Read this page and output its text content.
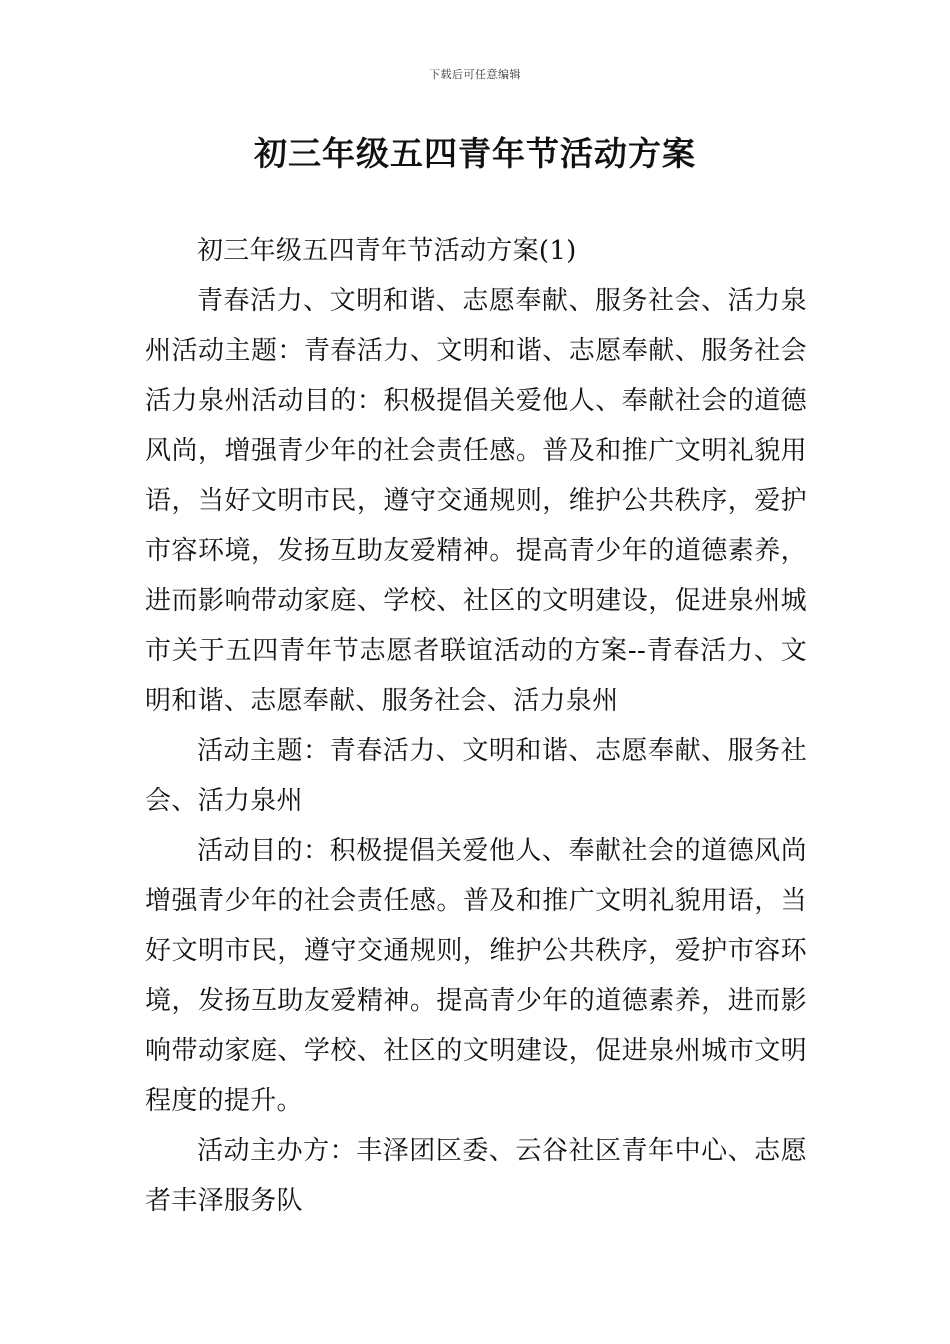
下载后可任意编辑
初三年级五四青年节活动方案

初三年级五四青年节活动方案(1)

青春活力、文明和谐、志愿奉献、服务社会、活力泉州活动主题：青春活力、文明和谐、志愿奉献、服务社会活力泉州活动目的：积极提倡关爱他人、奉献社会的道德风尚，增强青少年的社会责任感。普及和推广文明礼貌用语，当好文明市民，遵守交通规则，维护公共秩序，爱护市容环境，发扬互助友爱精神。提高青少年的道德素养，进而影响带动家庭、学校、社区的文明建设，促进泉州城市关于五四青年节志愿者联谊活动的方案--青春活力、文明和谐、志愿奉献、服务社会、活力泉州

活动主题：青春活力、文明和谐、志愿奉献、服务社会、活力泉州

活动目的：积极提倡关爱他人、奉献社会的道德风尚增强青少年的社会责任感。普及和推广文明礼貌用语，当好文明市民，遵守交通规则，维护公共秩序，爱护市容环境，发扬互助友爱精神。提高青少年的道德素养，进而影响带动家庭、学校、社区的文明建设，促进泉州城市文明程度的提升。

活动主办方：丰泽团区委、云谷社区青年中心、志愿者丰泽服务队
